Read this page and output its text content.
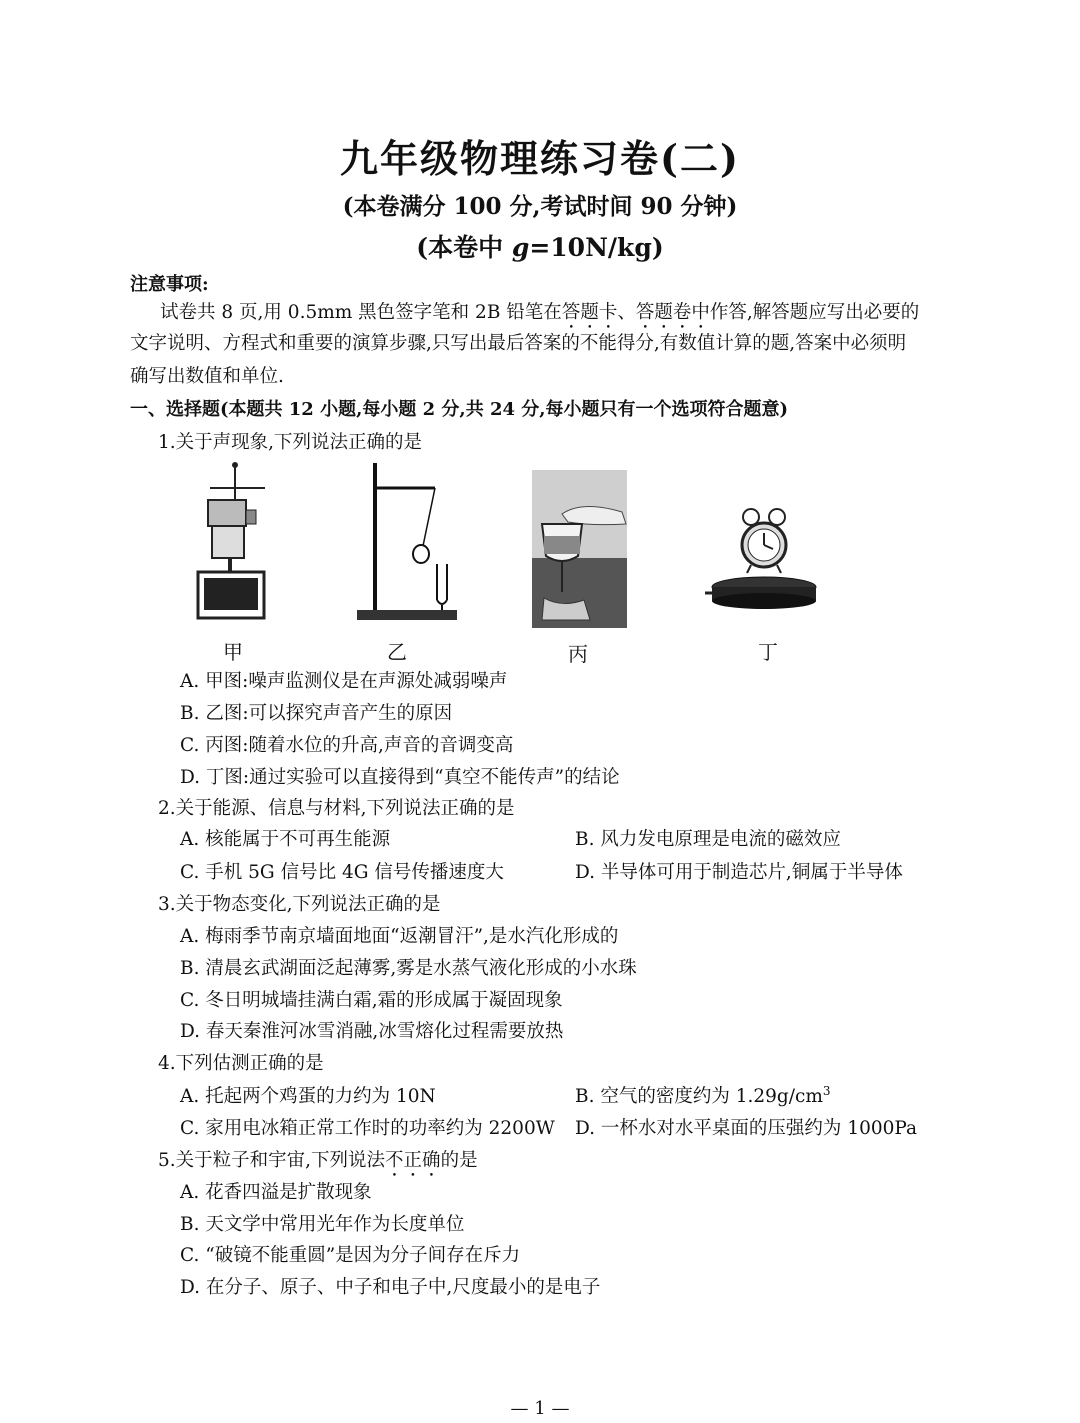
九年级物理练习卷(二)
(本卷满分 100 分,考试时间 90 分钟)
(本卷中 g=10N/kg)
注意事项:
试卷共 8 页,用 0.5mm 黑色签字笔和 2B 铅笔在答题卡、答题卷中作答,解答题应写出必要的
文字说明、方程式和重要的演算步骤,只写出最后答案的不能得分,有数值计算的题,答案中必须明
确写出数值和单位.
一、选择题(本题共 12 小题,每小题 2 分,共 24 分,每小题只有一个选项符合题意)
1.关于声现象,下列说法正确的是
甲	乙	丙	丁
A. 甲图:噪声监测仪是在声源处减弱噪声
B. 乙图:可以探究声音产生的原因
C. 丙图:随着水位的升高,声音的音调变高
D. 丁图:通过实验可以直接得到“真空不能传声”的结论
2.关于能源、信息与材料,下列说法正确的是
A. 核能属于不可再生能源	B. 风力发电原理是电流的磁效应
C. 手机 5G 信号比 4G 信号传播速度大	D. 半导体可用于制造芯片,铜属于半导体
3.关于物态变化,下列说法正确的是
A. 梅雨季节南京墙面地面“返潮冒汗”,是水汽化形成的
B. 清晨玄武湖面泛起薄雾,雾是水蒸气液化形成的小水珠
C. 冬日明城墙挂满白霜,霜的形成属于凝固现象
D. 春天秦淮河冰雪消融,冰雪熔化过程需要放热
4.下列估测正确的是
A. 托起两个鸡蛋的力约为 10N	B. 空气的密度约为 $1.29g/cm^3$
C. 家用电冰箱正常工作时的功率约为 2200W D. 一杯水对水平桌面的压强约为 1000Pa
5.关于粒子和宇宙,下列说法不正确的是
A. 花香四溢是扩散现象
B. 天文学中常用光年作为长度单位
C. “破镜不能重圆”是因为分子间存在斥力
D. 在分子、原子、中子和电子中,尺度最小的是电子
— 1 —
